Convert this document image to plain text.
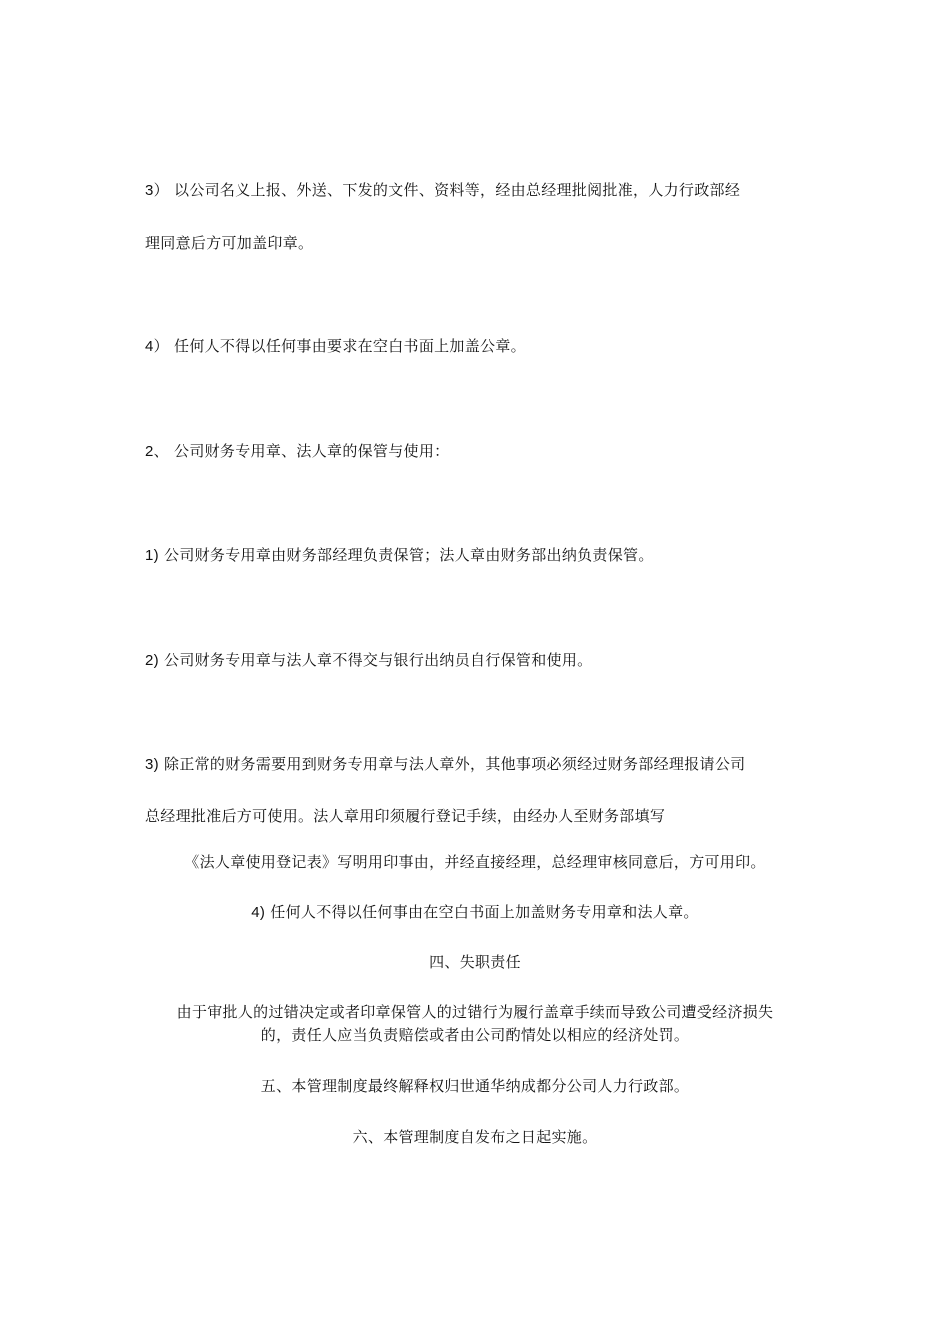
3） 以公司名义上报、外送、下发的文件、资料等，经由总经理批阅批准，人力行政部经
理同意后方可加盖印章。
4） 任何人不得以任何事由要求在空白书面上加盖公章。
2、 公司财务专用章、法人章的保管与使用：
1) 公司财务专用章由财务部经理负责保管；法人章由财务部出纳负责保管。
2) 公司财务专用章与法人章不得交与银行出纳员自行保管和使用。
3) 除正常的财务需要用到财务专用章与法人章外，其他事项必须经过财务部经理报请公司
总经理批准后方可使用。法人章用印须履行登记手续，由经办人至财务部填写
《法人章使用登记表》写明用印事由，并经直接经理，总经理审核同意后，方可用印。
4) 任何人不得以任何事由在空白书面上加盖财务专用章和法人章。
四、失职责任
由于审批人的过错决定或者印章保管人的过错行为履行盖章手续而导致公司遭受经济损失
的，责任人应当负责赔偿或者由公司酌情处以相应的经济处罚。
五、本管理制度最终解释权归世通华纳成都分公司人力行政部。
六、本管理制度自发布之日起实施。
